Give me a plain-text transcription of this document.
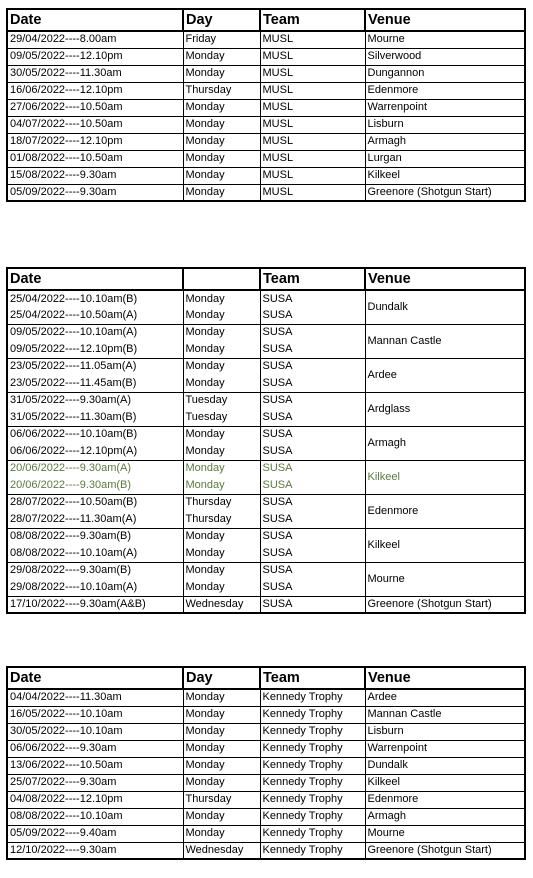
Date	Day	Team	Venue
29/04/2022----8.00am	Friday	MUSL	Mourne
09/05/2022----12.10pm	Monday	MUSL	Silverwood
30/05/2022----11.30am	Monday	MUSL	Dungannon
16/06/2022----12.10pm	Thursday	MUSL	Edenmore
27/06/2022----10.50am	Monday	MUSL	Warrenpoint
04/07/2022----10.50am	Monday	MUSL	Lisburn
18/07/2022----12.10pm	Monday	MUSL	Armagh
01/08/2022----10.50am	Monday	MUSL	Lurgan
15/08/2022----9.30am	Monday	MUSL	Kilkeel
05/09/2022----9.30am	Monday	MUSL	Greenore (Shotgun Start)
Date		Team	Venue
25/04/2022----10.10am(B)	Monday	SUSA	Dundalk
25/04/2022----10.50am(A)	Monday	SUSA	
09/05/2022----10.10am(A)	Monday	SUSA	Mannan Castle
09/05/2022----12.10pm(B)	Monday	SUSA	
23/05/2022----11.05am(A)	Monday	SUSA	Ardee
23/05/2022----11.45am(B)	Monday	SUSA	
31/05/2022----9.30am(A)	Tuesday	SUSA	Ardglass
31/05/2022----11.30am(B)	Tuesday	SUSA	
06/06/2022----10.10am(B)	Monday	SUSA	Armagh
06/06/2022----12.10pm(A)	Monday	SUSA	
20/06/2022----9.30am(A)	Monday	SUSA	Kilkeel
20/06/2022----9.30am(B)	Monday	SUSA	
28/07/2022----10.50am(B)	Thursday	SUSA	Edenmore
28/07/2022----11.30am(A)	Thursday	SUSA	
08/08/2022----9.30am(B)	Monday	SUSA	Kilkeel
08/08/2022----10.10am(A)	Monday	SUSA	
29/08/2022----9.30am(B)	Monday	SUSA	Mourne
29/08/2022----10.10am(A)	Monday	SUSA	
17/10/2022----9.30am(A&B)	Wednesday	SUSA	Greenore (Shotgun Start)
Date	Day	Team	Venue
04/04/2022----11.30am	Monday	Kennedy Trophy	Ardee
16/05/2022----10.10am	Monday	Kennedy Trophy	Mannan Castle
30/05/2022----10.10am	Monday	Kennedy Trophy	Lisburn
06/06/2022----9.30am	Monday	Kennedy Trophy	Warrenpoint
13/06/2022----10.50am	Monday	Kennedy Trophy	Dundalk
25/07/2022----9.30am	Monday	Kennedy Trophy	Kilkeel
04/08/2022----12.10pm	Thursday	Kennedy Trophy	Edenmore
08/08/2022----10.10am	Monday	Kennedy Trophy	Armagh
05/09/2022----9.40am	Monday	Kennedy Trophy	Mourne
12/10/2022----9.30am	Wednesday	Kennedy Trophy	Greenore (Shotgun Start)
